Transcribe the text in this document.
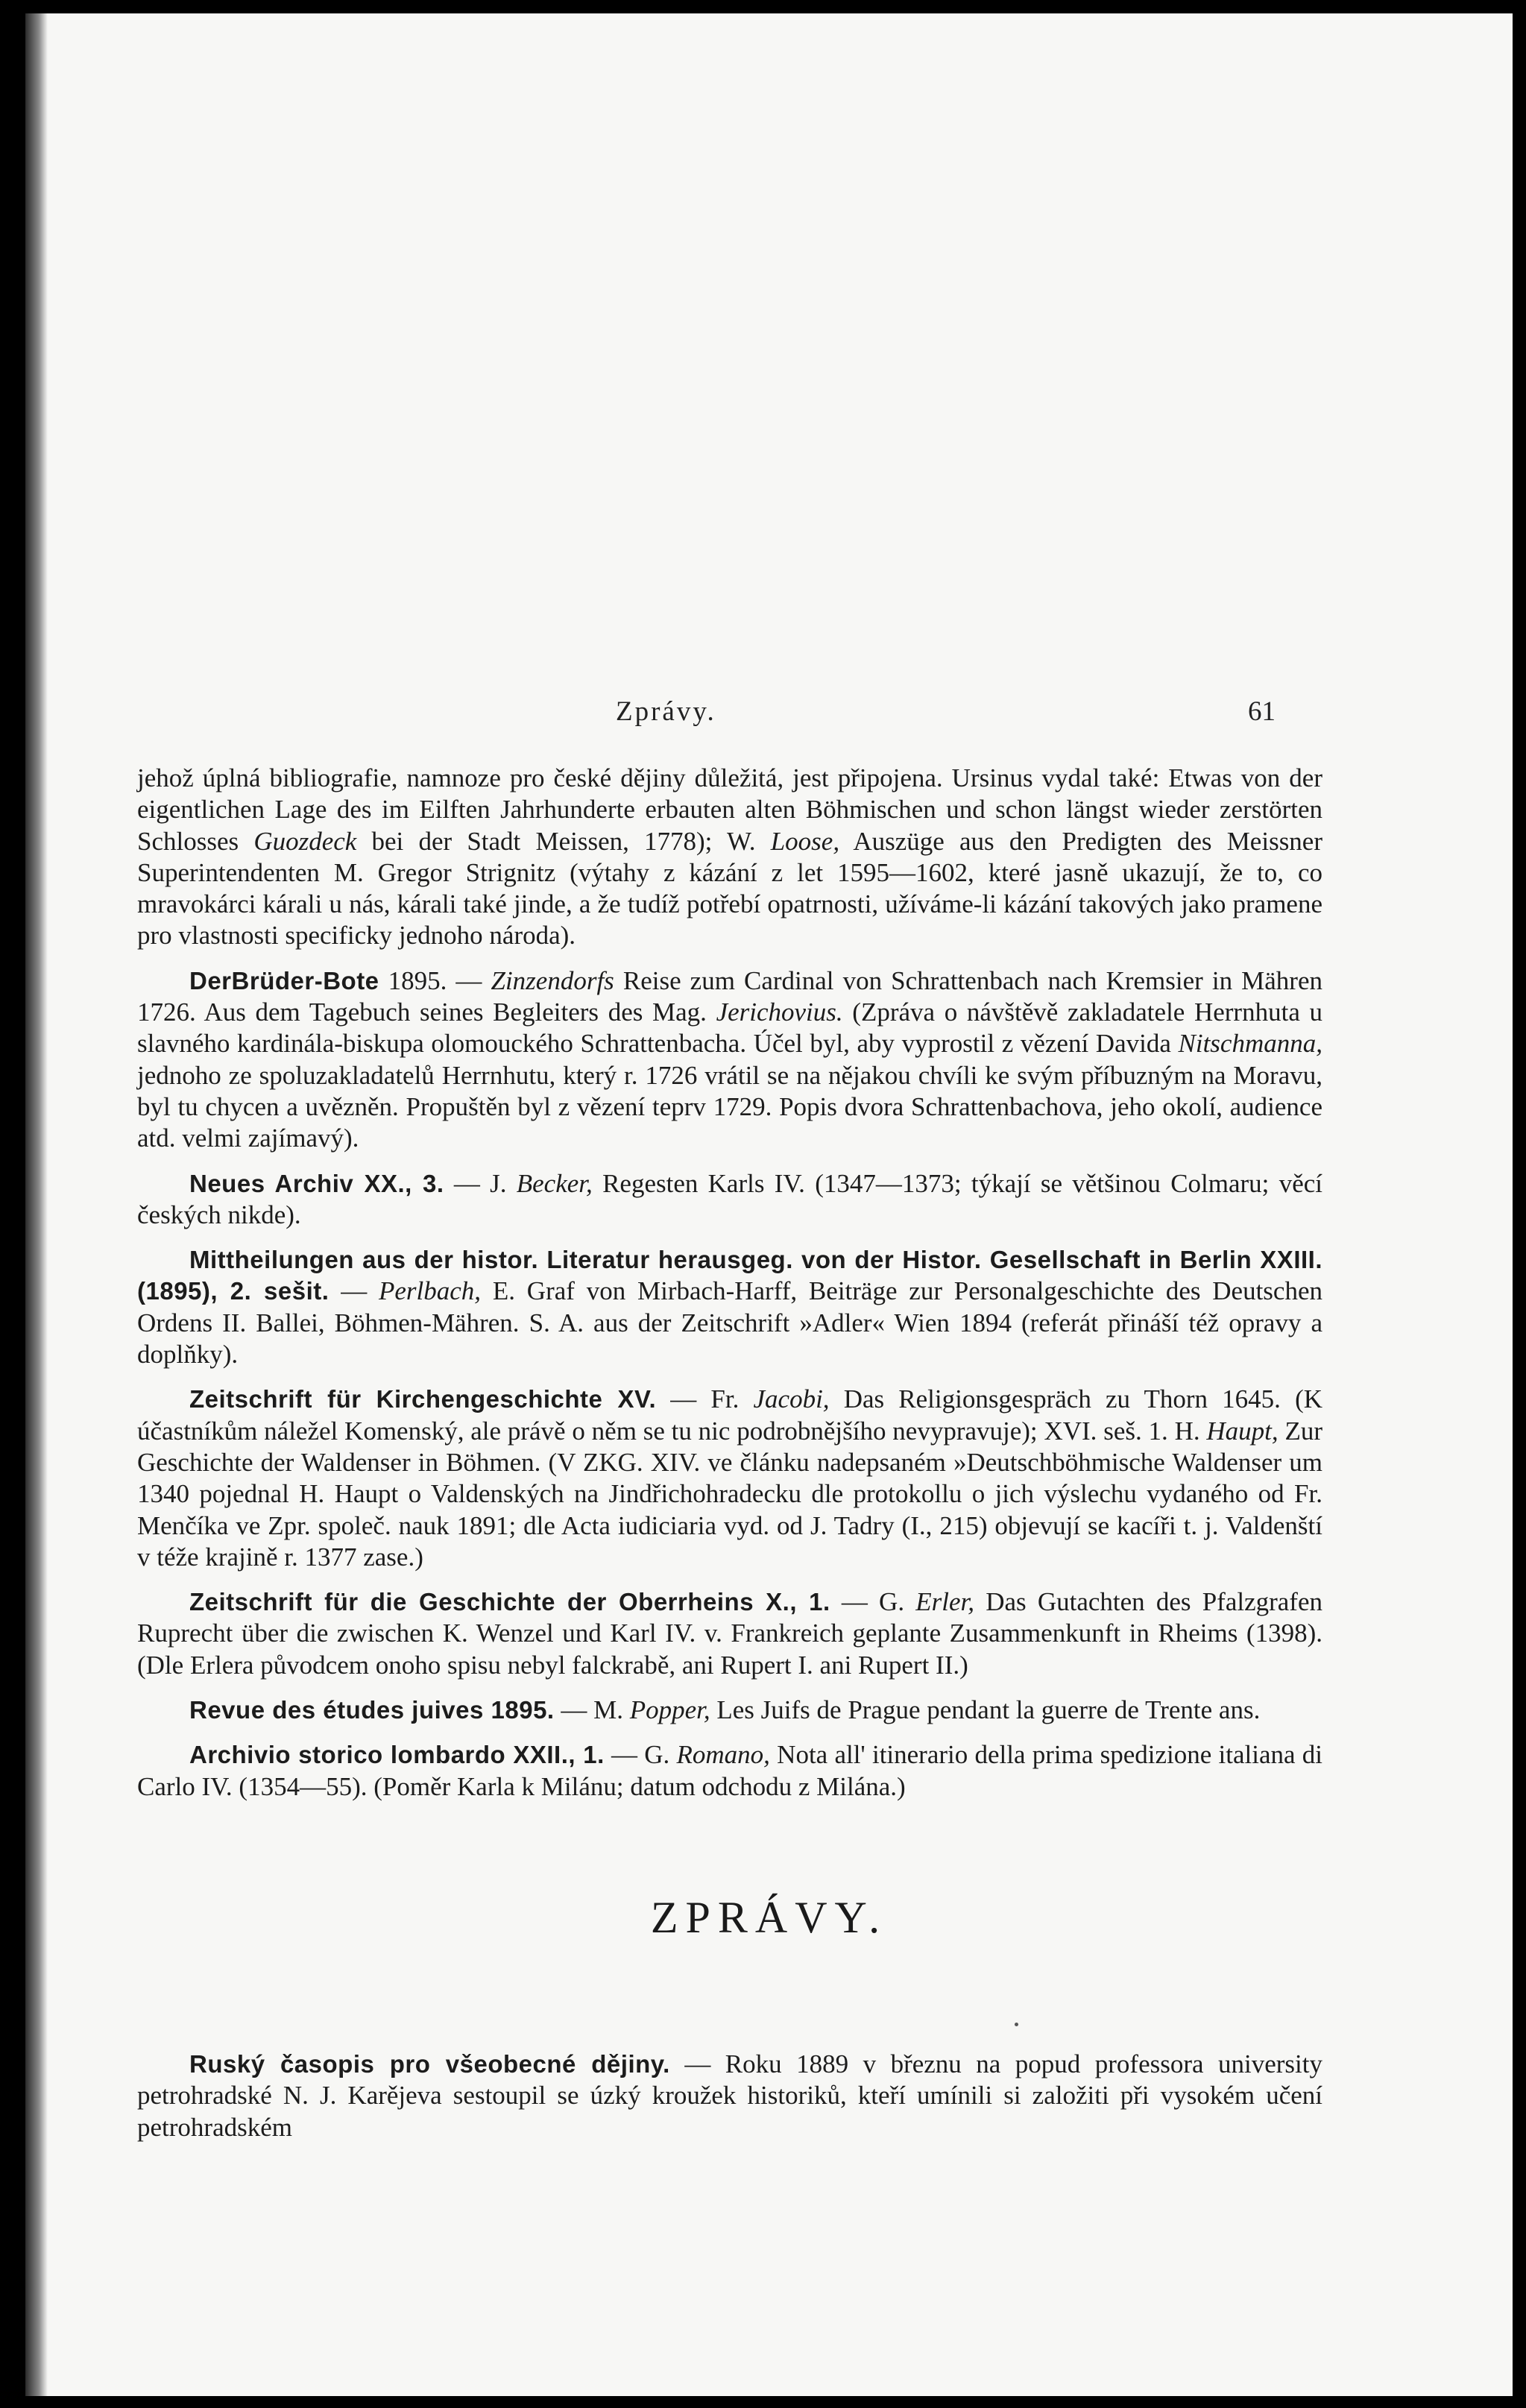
Zprávy.	61

jehož úplná bibliografie, namnoze pro české dějiny důležitá, jest připojena. Ursinus vydal také: Etwas von der eigentlichen Lage des im Eilften Jahrhunderte erbauten alten Böhmischen und schon längst wieder zerstörten Schlosses Guozdeck bei der Stadt Meissen, 1778); W. Loose, Auszüge aus den Predigten des Meissner Superintendenten M. Gregor Strignitz (výtahy z kázání z let 1595—1602, které jasně ukazují, že to, co mravokárci kárali u nás, kárali také jinde, a že tudíž potřebí opatrnosti, užíváme-li kázání takových jako pramene pro vlastnosti specificky jednoho národa).

DerBrüder-Bote 1895. — Zinzendorfs Reise zum Cardinal von Schrattenbach nach Kremsier in Mähren 1726. Aus dem Tagebuch seines Begleiters des Mag. Jerichovius. (Zpráva o návštěvě zakladatele Herrnhuta u slavného kardinála-biskupa olomouckého Schrattenbacha. Účel byl, aby vyprostil z vězení Davida Nitschmanna, jednoho ze spoluzakladatelů Herrnhutu, který r. 1726 vrátil se na nějakou chvíli ke svým příbuzným na Moravu, byl tu chycen a uvězněn. Propuštěn byl z vězení teprv 1729. Popis dvora Schrattenbachova, jeho okolí, audience atd. velmi zajímavý).

Neues Archiv XX., 3. — J. Becker, Regesten Karls IV. (1347—1373; týkají se většinou Colmaru; věcí českých nikde).

Mittheilungen aus der histor. Literatur herausgeg. von der Histor. Gesellschaft in Berlin XXIII. (1895), 2. sešit. — Perlbach, E. Graf von Mirbach-Harff, Beiträge zur Personalgeschichte des Deutschen Ordens II. Ballei, Böhmen-Mähren. S. A. aus der Zeitschrift »Adler« Wien 1894 (referát přináší též opravy a doplňky).

Zeitschrift für Kirchengeschichte XV. — Fr. Jacobi, Das Religionsgespräch zu Thorn 1645. (K účastníkům náležel Komenský, ale právě o něm se tu nic podrobnějšího nevypravuje); XVI. seš. 1. H. Haupt, Zur Geschichte der Waldenser in Böhmen. (V ZKG. XIV. ve článku nadepsaném »Deutschböhmische Waldenser um 1340 pojednal H. Haupt o Valdenských na Jindřichohradecku dle protokollu o jich výslechu vydaného od Fr. Menčíka ve Zpr. společ. nauk 1891; dle Acta iudiciaria vyd. od J. Tadry (I., 215) objevují se kacíři t. j. Valdenští v téže krajině r. 1377 zase.)

Zeitschrift für die Geschichte der Oberrheins X., 1. — G. Erler, Das Gutachten des Pfalzgrafen Ruprecht über die zwischen K. Wenzel und Karl IV. v. Frankreich geplante Zusammenkunft in Rheims (1398). (Dle Erlera původcem onoho spisu nebyl falckrabě, ani Rupert I. ani Rupert II.)

Revue des études juives 1895. — M. Popper, Les Juifs de Prague pendant la guerre de Trente ans.

Archivio storico lombardo XXII., 1. — G. Romano, Nota all' itinerario della prima spedizione italiana di Carlo IV. (1354—55). (Poměr Karla k Milánu; datum odchodu z Milána.)

ZPRÁVY.

Ruský časopis pro všeobecné dějiny. — Roku 1889 v březnu na popud professora university petrohradské N. J. Karějeva sestoupil se úzký kroužek historiků, kteří umínili si založiti při vysokém učení petrohradském
